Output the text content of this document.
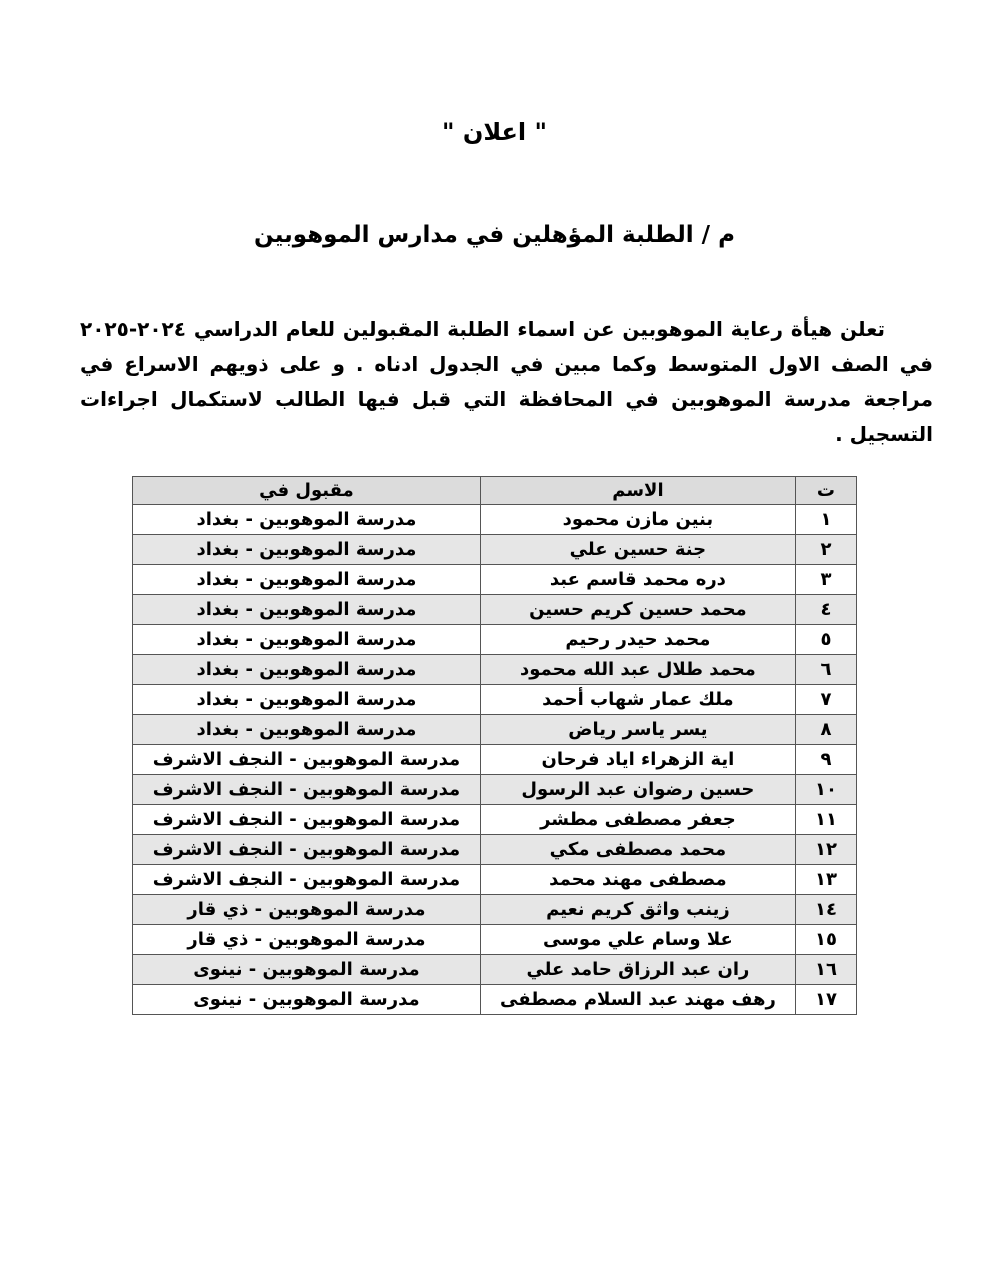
" اعلان "
م / الطلبة المؤهلين في مدارس الموهوبين
تعلن هيأة رعاية الموهوبين عن اسماء الطلبة المقبولين للعام الدراسي ٢٠٢٤-٢٠٢٥ في الصف الاول المتوسط وكما مبين في الجدول ادناه . و على ذويهم الاسراع في مراجعة مدرسة الموهوبين في المحافظة التي قبل فيها الطالب لاستكمال اجراءات التسجيل .
ت	الاسم	مقبول في
١	بنين مازن محمود	مدرسة الموهوبين - بغداد
٢	جنة حسين علي	مدرسة الموهوبين - بغداد
٣	دره محمد قاسم عبد	مدرسة الموهوبين - بغداد
٤	محمد حسين كريم حسين	مدرسة الموهوبين - بغداد
٥	محمد حيدر رحيم	مدرسة الموهوبين - بغداد
٦	محمد طلال عبد الله محمود	مدرسة الموهوبين - بغداد
٧	ملك عمار شهاب أحمد	مدرسة الموهوبين - بغداد
٨	يسر ياسر رياض	مدرسة الموهوبين - بغداد
٩	اية الزهراء اياد فرحان	مدرسة الموهوبين - النجف الاشرف
١٠	حسين رضوان عبد الرسول	مدرسة الموهوبين - النجف الاشرف
١١	جعفر مصطفى مطشر	مدرسة الموهوبين - النجف الاشرف
١٢	محمد مصطفى مكي	مدرسة الموهوبين - النجف الاشرف
١٣	مصطفى مهند محمد	مدرسة الموهوبين - النجف الاشرف
١٤	زينب واثق كريم نعيم	مدرسة الموهوبين - ذي قار
١٥	علا وسام علي موسى	مدرسة الموهوبين - ذي قار
١٦	ران عبد الرزاق حامد علي	مدرسة الموهوبين - نينوى
١٧	رهف مهند عبد السلام مصطفى	مدرسة الموهوبين - نينوى
